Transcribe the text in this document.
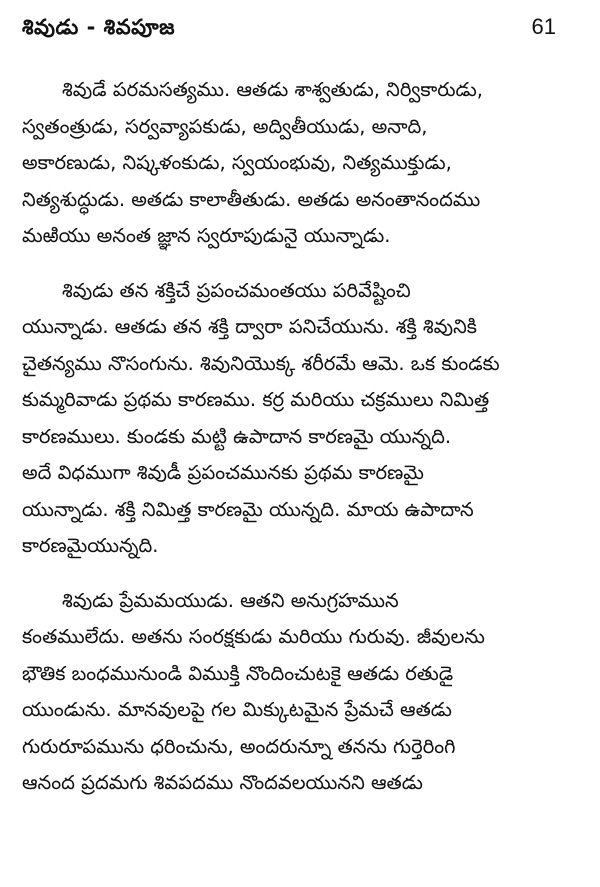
శివుడు - శివపూజ	61
శివుడే పరమసత్యము. ఆతడు శాశ్వతుడు, నిర్వికారుడు,
స్వతంత్రుడు, సర్వవ్యాపకుడు, అద్వితీయుడు, అనాది,
అకారణుడు, నిష్కళంకుడు, స్వయంభువు, నిత్యముక్తుడు,
నిత్యశుద్ధుడు. అతడు కాలాతీతుడు. అతడు అనంతానందము
మఱియు అనంత జ్ఞాన స్వరూపుడునై యున్నాడు.
శివుడు తన శక్తిచే ప్రపంచమంతయు పరివేష్టించి
యున్నాడు. ఆతడు తన శక్తి ద్వారా పనిచేయును. శక్తి శివునికి
చైతన్యము నొసంగును. శివునియొక్క శరీరమే ఆమె. ఒక కుండకు
కుమ్మరివాడు ప్రథమ కారణము. కర్ర మరియు చక్రములు నిమిత్త
కారణములు. కుండకు మట్టి ఉపాదాన కారణమై యున్నది.
అదే విధముగా శివుడీ ప్రపంచమునకు ప్రథమ కారణమై
యున్నాడు. శక్తి నిమిత్త కారణమై యున్నది. మాయ ఉపాదాన
కారణమైయున్నది.
శివుడు ప్రేమమయుడు. ఆతని అనుగ్రహమున
కంతములేదు. అతను సంరక్షకుడు మరియు గురువు. జీవులను
భౌతిక బంధమునుండి విముక్తి నొందించుటకై ఆతడు రతుడై
యుండును. మానవులపై గల మిక్కుటమైన ప్రేమచే ఆతడు
గురురూపమును ధరించును, అందరున్నూ తనను గుర్తెరింగి
ఆనంద ప్రదమగు శివపదము నొందవలయునని ఆతడు
